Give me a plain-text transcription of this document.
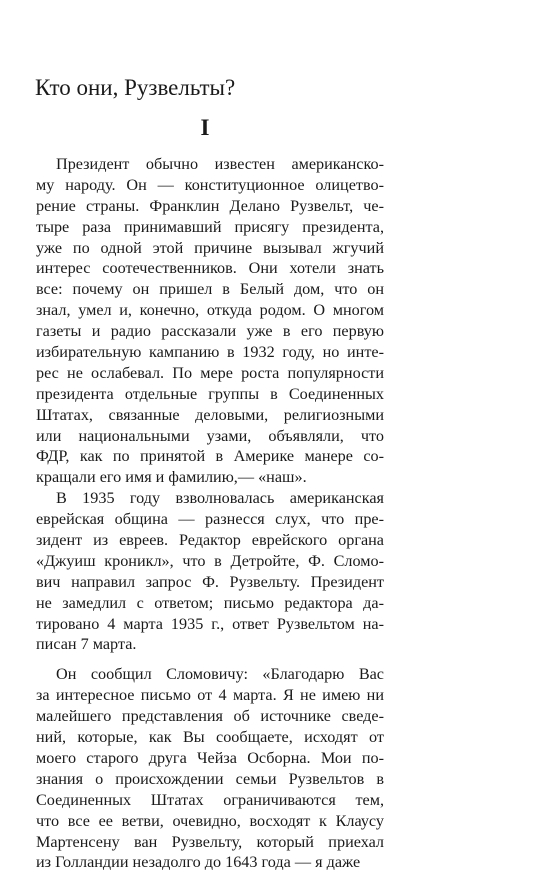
Кто они, Рузвельты?
I
Президент обычно известен американско-
му народу. Он — конституционное олицетво-
рение страны. Франклин Делано Рузвельт, че-
тыре раза принимавший присягу президента,
уже по одной этой причине вызывал жгучий
интерес соотечественников. Они хотели знать
все: почему он пришел в Белый дом, что он
знал, умел и, конечно, откуда родом. О многом
газеты и радио рассказали уже в его первую
избирательную кампанию в 1932 году, но инте-
рес не ослабевал. По мере роста популярности
президента отдельные группы в Соединенных
Штатах, связанные деловыми, религиозными
или национальными узами, объявляли, что
ФДР, как по принятой в Америке манере со-
кращали его имя и фамилию,— «наш».
В 1935 году взволновалась американская
еврейская община — разнесся слух, что пре-
зидент из евреев. Редактор еврейского органа
«Джуиш кроникл», что в Детройте, Ф. Сломо-
вич направил запрос Ф. Рузвельту. Президент
не замедлил с ответом; письмо редактора да-
тировано 4 марта 1935 г., ответ Рузвельтом на-
писан 7 марта.
Он сообщил Сломовичу: «Благодарю Вас
за интересное письмо от 4 марта. Я не имею ни
малейшего представления об источнике сведе-
ний, которые, как Вы сообщаете, исходят от
моего старого друга Чейза Осборна. Мои по-
знания о происхождении семьи Рузвельтов в
Соединенных Штатах ограничиваются тем,
что все ее ветви, очевидно, восходят к Клаусу
Мартенсену ван Рузвельту, который приехал
из Голландии незадолго до 1643 года — я даже
